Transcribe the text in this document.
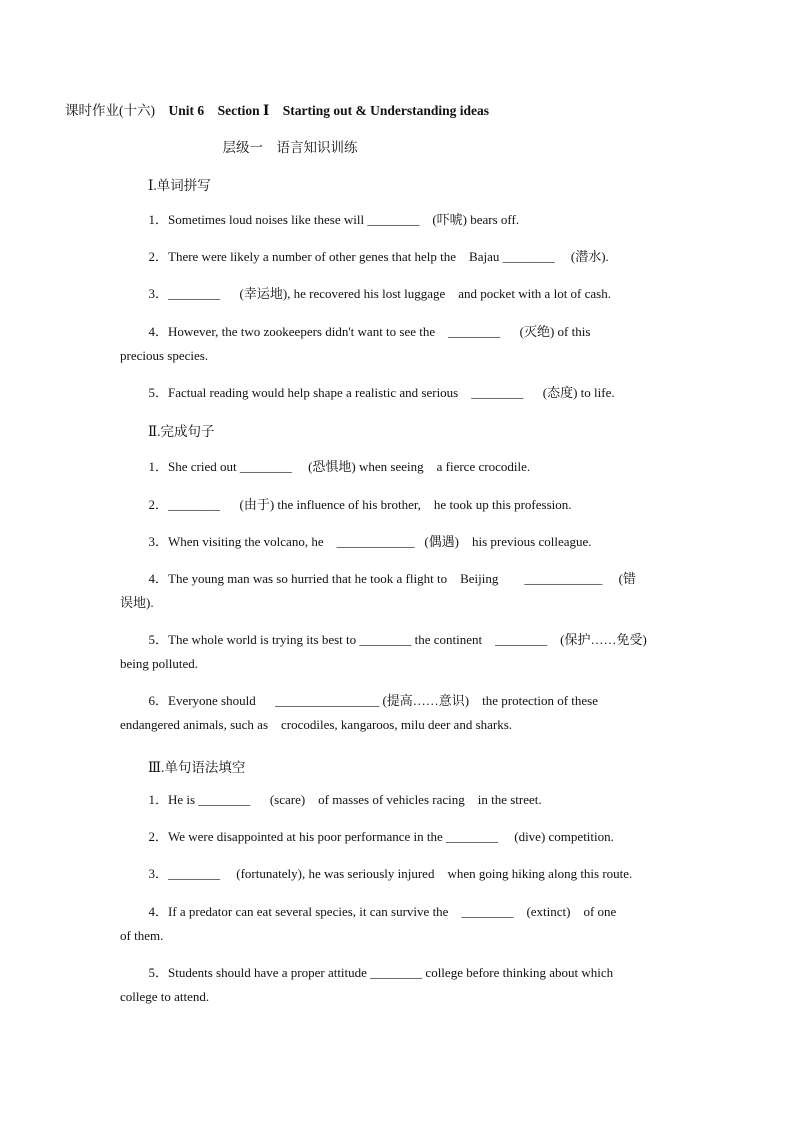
课时作业(十六) Unit 6    Section Ⅰ    Starting out & Understanding ideas
层级一    语言知识训练
Ⅰ.单词拼写
1．Sometimes loud noises like these will ________    (吓唬) bears off.
2．There were likely a number of other genes that help the    Bajau ________     (潜水).
3．________      (幸运地), he recovered his lost luggage    and pocket with a lot of cash.
4．However, the two zookeepers didn't want to see the    ________      (灭绝) of this
precious species.
5．Factual reading would help shape a realistic and serious    ________      (态度) to life.
Ⅱ.完成句子
1．She cried out ________     (恐惧地) when seeing    a fierce crocodile.
2．________      (由于) the influence of his brother,    he took up this profession.
3．When visiting the volcano, he    ____________   (偶遇)    his previous colleague.
4．The young man was so hurried that he took a flight to    Beijing        ____________     (错
误地).
5．The whole world is trying its best to ________ the continent    ________    (保护……免受)
being polluted.
6．Everyone should      ________________ (提高……意识)    the protection of these
endangered animals, such as    crocodiles, kangaroos, milu deer and sharks.
Ⅲ.单句语法填空
1．He is ________      (scare)    of masses of vehicles racing    in the street.
2．We were disappointed at his poor performance in the ________     (dive) competition.
3．________     (fortunately), he was seriously injured    when going hiking along this route.
4．If a predator can eat several species, it can survive the    ________    (extinct)    of one
of them.
5．Students should have a proper attitude ________ college before thinking about which
college to attend.
